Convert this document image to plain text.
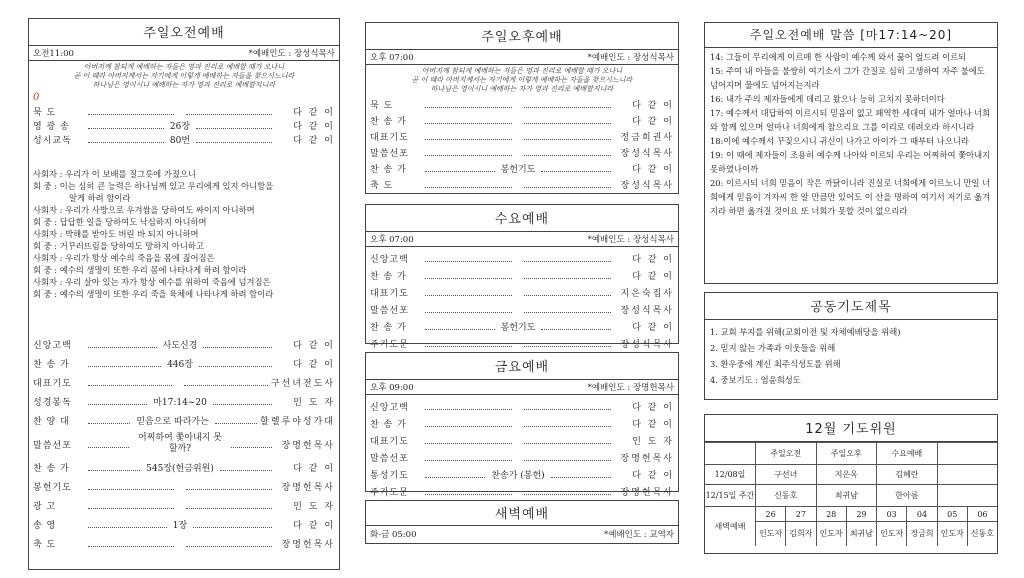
주일오전예배
오전11:00	*예배인도 : 장성식목사
아버지께 참되게 예배하는 자들은 영과 진리로 예배할 때가 오나니
곧 이 때라 아버지께서는 자기에게 이렇게 예배하는 자들을 찾으시느니라
하나님은 영이시니 예배하는 자가 영과 진리로 예배할지니라
0
묵 도	다 같 이
영 광 송	26장	다 같 이
성시교독	80번	다 같 이
사회자 : 우리가 이 보배를 질그릇에 가졌으니
회 중 : 이는 심히 큰 능력은 하나님께 있고 우리에게 있지 아니함을
알게 하려 함이라
사회자 : 우리가 사방으로 우겨쌈을 당하여도 싸이지 아니하며
회 중 : 답답한 일을 당하여도 낙심하지 아니하며
사회자 : 박해를 받아도 버린 바 되지 아니하며
회 중 : 거꾸러뜨림을 당하여도 망하지 아니하고
사회자 : 우리가 항상 예수의 죽음을 몸에 짊어짐은
회 중 : 예수의 생명이 또한 우리 몸에 나타나게 하려 함이라
사회자 : 우리 살아 있는 자가 항상 예수를 위하여 죽음에 넘겨짐은
회 중 : 예수의 생명이 또한 우리 죽을 육체에 나타나게 하려 함이라
신앙고백	사도신경	다 같 이
찬 송 가	446장	다 같 이
대표기도	구선녀전도사
성경봉독	마17:14~20	인 도 자
찬 양 대	믿음으로 따라가는	할렐루야성가대
말씀선포
어찌하여 쫓아내지 못할까?	장명헌목사
찬 송 가	545장(헌금위원)	다 같 이
봉헌기도	장명헌목사
광 고	인 도 자
송 영	1장	다 같 이
축 도	장명헌목사
주일오후예배
오후 07:00	*예배인도 : 장성식목사
아버지께 참되게 예배하는 자들은 영과 진리로 예배할 때가 오나니
곧 이 때라 아버지께서는 자기에게 이렇게 예배하는 자들을 찾으시느니라
하나님은 영이시니 예배하는 자가 영과 진리로 예배할지니라
묵 도	다 같 이
찬 송 가	다 같 이
대표기도	정금희권사
말씀선포	장성식목사
찬 송 가	봉헌기도	다 같 이
축 도	장성식목사
수요예배
오후 07:00	*예배인도 : 장성식목사
신앙고백	다 같 이
찬 송 가	다 같 이
대표기도	지은숙집사
말씀선포	장성식목사
찬 송 가	봉헌기도	다 같 이
주기도문	장성식목사
금요예배
오후 09:00	*예배인도 : 장명헌목사
신앙고백	다 같 이
찬 송 가	다 같 이
대표기도	인 도 자
말씀선포	장명헌목사
통성기도	찬송가 (봉헌)	다 같 이
주기도문	장명헌목사
새벽예배
화-금 05:00	*예배인도 : 교역자
주일오전예배 말씀 [마17:14~20]
14: 그들이 무리에게 이르매 한 사람이 예수께 와서 꿇어 엎드려 이르되
15: 주여 내 아들을 불쌍히 여기소서 그가 간질로 심히 고생하여 자주 불에도 넘어지며 물에도 넘어지는지라
16: 내가 주의 제자들에게 데리고 왔으나 능히 고치지 못하더이다
17: 예수께서 대답하여 이르시되 믿음이 없고 패역한 세대여 내가 얼마나 너희와 함께 있으며 얼마나 너희에게 참으리요 그를 이리로 데려오라 하시니라
18:이에 예수께서 꾸짖으시니 귀신이 나가고 아이가 그 때부터 나으니라
19: 이 때에 제자들이 조용히 예수께 나아와 이르되 우리는 어찌하여 쫓아내지 못하였나이까
20: 이르시되 너희 믿음이 작은 까닭이니라 진실로 너희에게 이르노니 만일 너희에게 믿음이 겨자씨 한 알 만큼만 있어도 이 산을 명하여 여기서 저기로 옮겨지라 하면 옮겨질 것이요 또 너희가 못할 것이 없으리라
공동기도제목
1. 교회 부지를 위해(교회이전 및 자체예배당을 위해)
2. 믿지 않는 가족과 이웃들을 위해
3. 환우중에 계신 최주식성도를 위해
4. 중보기도 : 엄윤희성도
12월 기도위원
	주일오전		주일오후		수요예배			
12/08일	구선녀		지은옥		김혜란			
12/15일 주간	신동호		최귀남		한아름			
새벽예배	26	27	28	29	03	04	05	06
	인도자	김희자	인도자	최귀남	인도자	정금희	인도자	신동호
